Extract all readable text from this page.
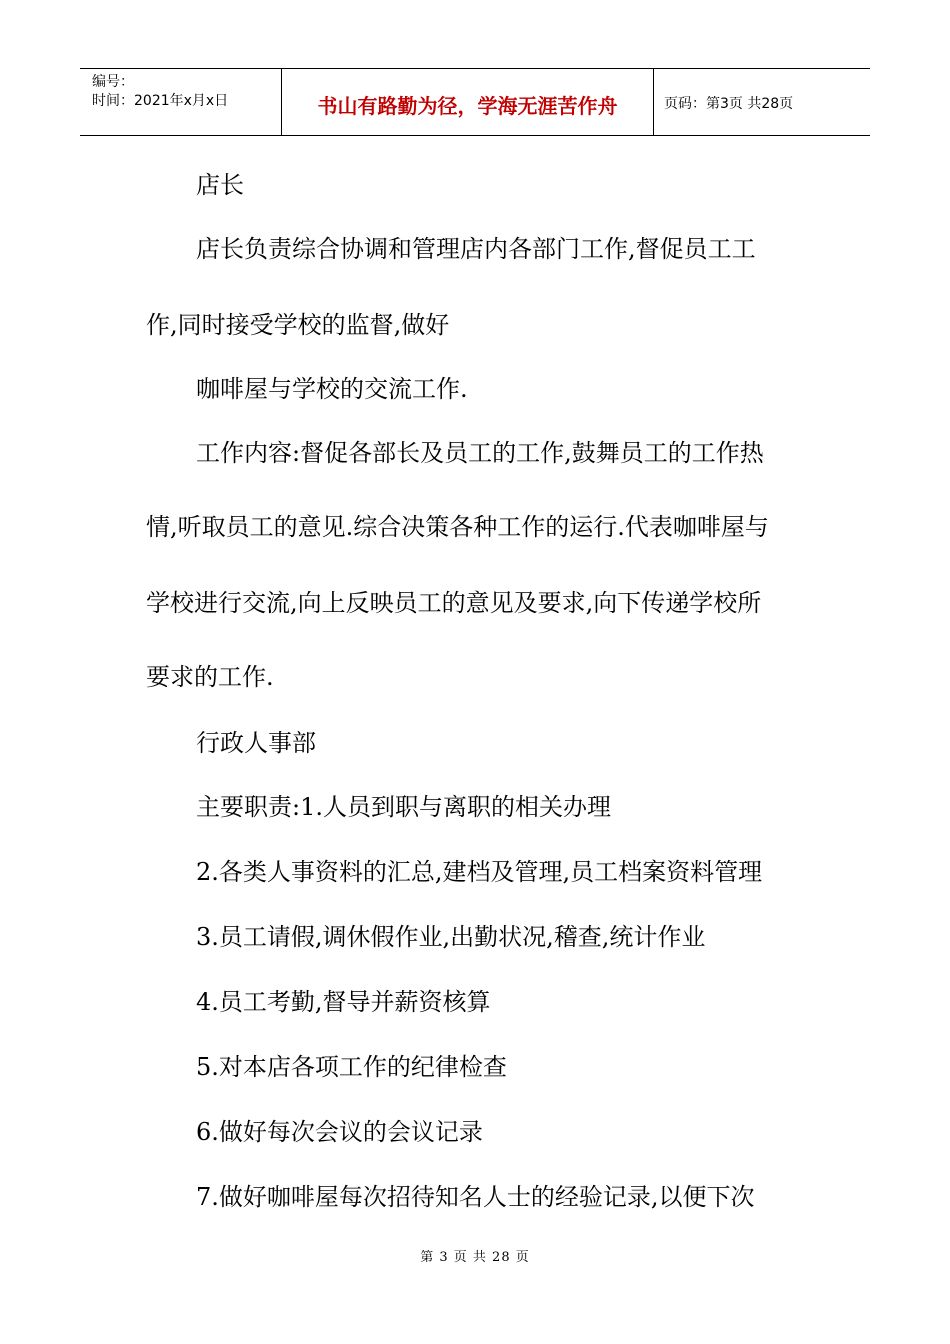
编号：
时间：2021年x月x日	书山有路勤为径，学海无涯苦作舟	页码：第3页 共28页
店长
店长负责综合协调和管理店内各部门工作,督促员工工
作,同时接受学校的监督,做好
咖啡屋与学校的交流工作.
工作内容:督促各部长及员工的工作,鼓舞员工的工作热
情,听取员工的意见.综合决策各种工作的运行.代表咖啡屋与
学校进行交流,向上反映员工的意见及要求,向下传递学校所
要求的工作.
行政人事部
主要职责:1.人员到职与离职的相关办理
2.各类人事资料的汇总,建档及管理,员工档案资料管理
3.员工请假,调休假作业,出勤状况,稽查,统计作业
4.员工考勤,督导并薪资核算
5.对本店各项工作的纪律检查
6.做好每次会议的会议记录
7.做好咖啡屋每次招待知名人士的经验记录,以便下次
第 3 页 共 28 页
